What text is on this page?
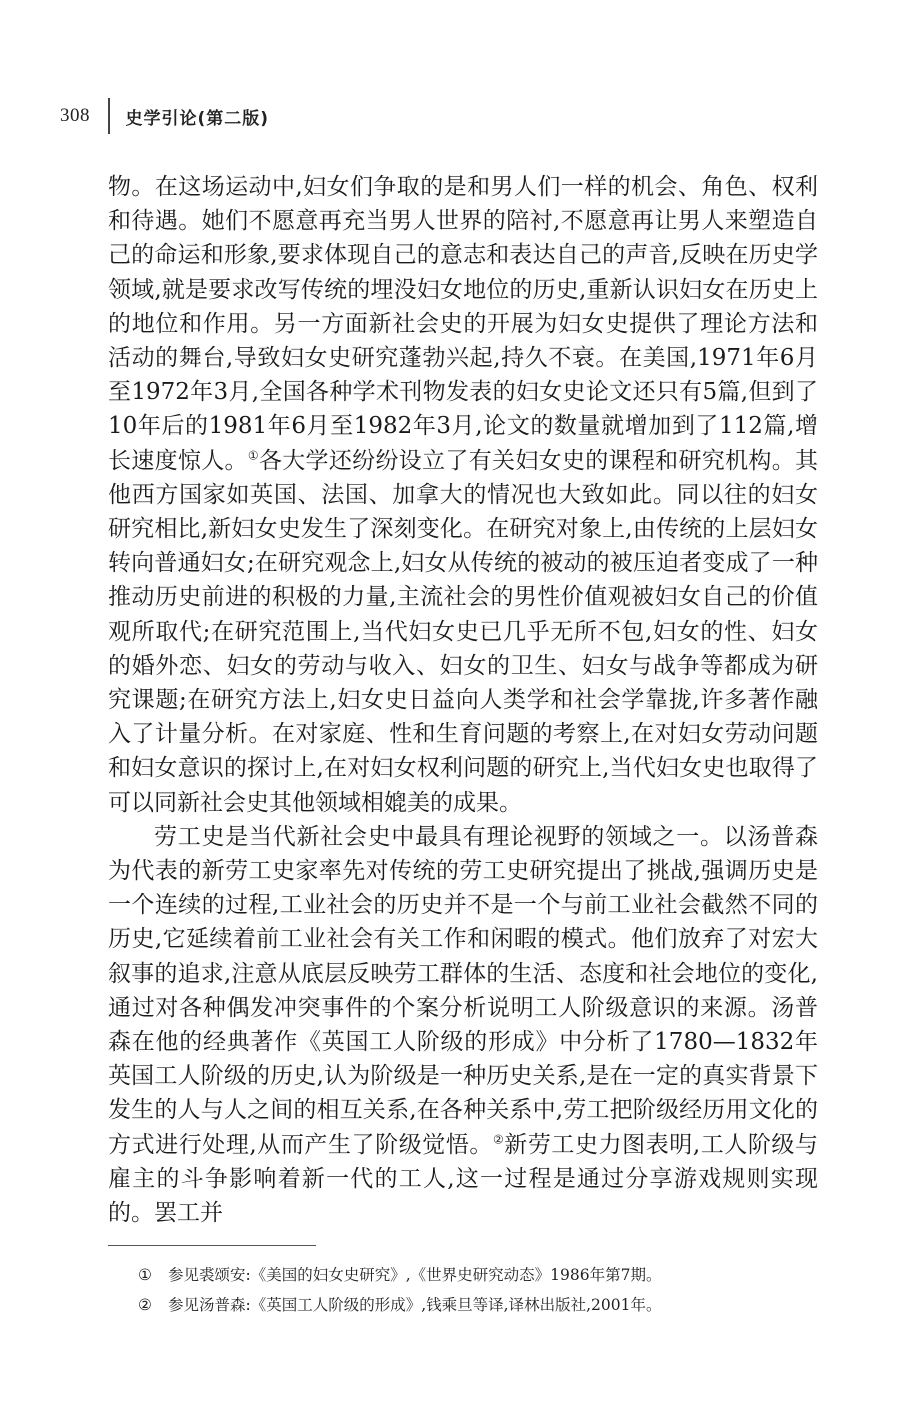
308 史学引论(第二版)

物。在这场运动中,妇女们争取的是和男人们一样的机会、角色、权利和待遇。她们不愿意再充当男人世界的陪衬,不愿意再让男人来塑造自己的命运和形象,要求体现自己的意志和表达自己的声音,反映在历史学领域,就是要求改写传统的埋没妇女地位的历史,重新认识妇女在历史上的地位和作用。另一方面新社会史的开展为妇女史提供了理论方法和活动的舞台,导致妇女史研究蓬勃兴起,持久不衰。在美国,1971年6月至1972年3月,全国各种学术刊物发表的妇女史论文还只有5篇,但到了10年后的1981年6月至1982年3月,论文的数量就增加到了112篇,增长速度惊人。①各大学还纷纷设立了有关妇女史的课程和研究机构。其他西方国家如英国、法国、加拿大的情况也大致如此。同以往的妇女研究相比,新妇女史发生了深刻变化。在研究对象上,由传统的上层妇女转向普通妇女;在研究观念上,妇女从传统的被动的被压迫者变成了一种推动历史前进的积极的力量,主流社会的男性价值观被妇女自己的价值观所取代;在研究范围上,当代妇女史已几乎无所不包,妇女的性、妇女的婚外恋、妇女的劳动与收入、妇女的卫生、妇女与战争等都成为研究课题;在研究方法上,妇女史日益向人类学和社会学靠拢,许多著作融入了计量分析。在对家庭、性和生育问题的考察上,在对妇女劳动问题和妇女意识的探讨上,在对妇女权利问题的研究上,当代妇女史也取得了可以同新社会史其他领域相媲美的成果。

劳工史是当代新社会史中最具有理论视野的领域之一。以汤普森为代表的新劳工史家率先对传统的劳工史研究提出了挑战,强调历史是一个连续的过程,工业社会的历史并不是一个与前工业社会截然不同的历史,它延续着前工业社会有关工作和闲暇的模式。他们放弃了对宏大叙事的追求,注意从底层反映劳工群体的生活、态度和社会地位的变化,通过对各种偶发冲突事件的个案分析说明工人阶级意识的来源。汤普森在他的经典著作《英国工人阶级的形成》中分析了1780—1832年英国工人阶级的历史,认为阶级是一种历史关系,是在一定的真实背景下发生的人与人之间的相互关系,在各种关系中,劳工把阶级经历用文化的方式进行处理,从而产生了阶级觉悟。②新劳工史力图表明,工人阶级与雇主的斗争影响着新一代的工人,这一过程是通过分享游戏规则实现的。罢工并

①	参见裘颂安:《美国的妇女史研究》,《世界史研究动态》1986年第7期。
②	参见汤普森:《英国工人阶级的形成》,钱乘旦等译,译林出版社,2001年。
